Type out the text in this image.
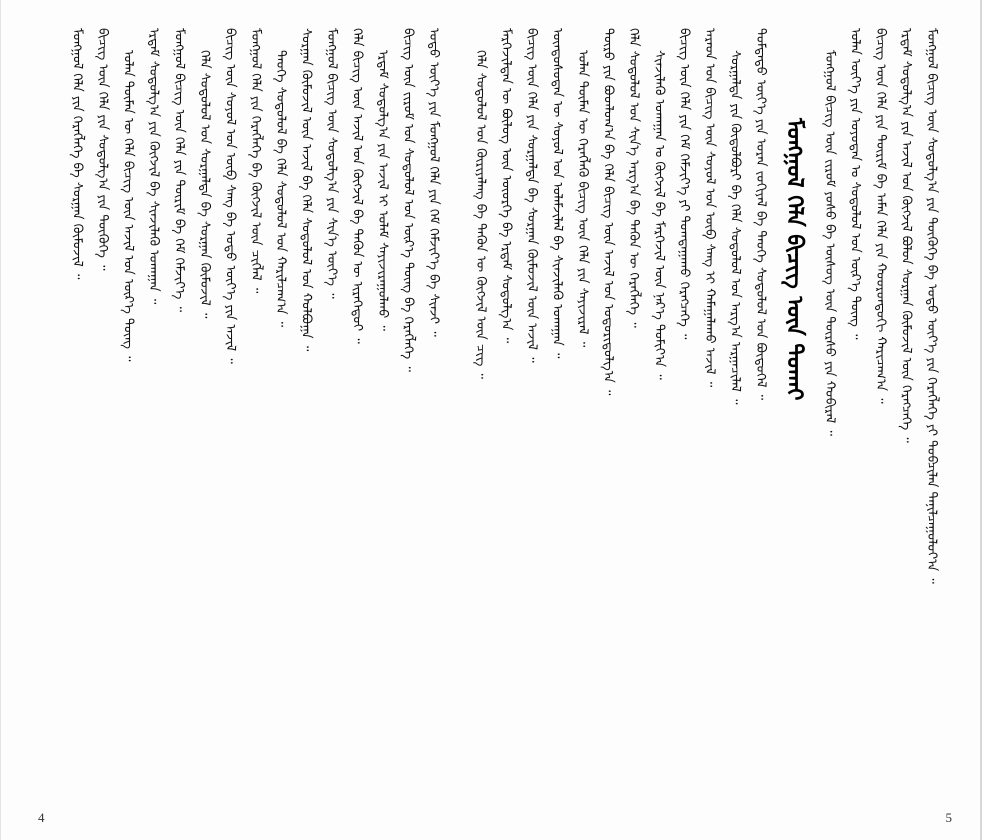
ᠮᠣᠩᠭᠣᠯ ᠪᠢᠴᠢᠭ ᠦᠨ ᠰᠤᠳᠤᠯᠭ᠎ᠠ ᠶᠢᠨ ᠲᠦᠭᠦᠬᠡ ᠪᠠ ᠣᠳᠣ ᠦᠶ᠎ᠡ ᠶᠢᠨ ᠬᠡᠷᠡᠭᠯᠡᠭᠡ ᠶᠢ ᠲᠣᠪᠴᠢᠯᠠᠨ ᠲᠠᠨᠢᠯᠴᠠᠭᠤᠯᠤᠶ᠎ᠠ ᠃
ᠡᠷᠳᠡᠮ ᠰᠤᠳᠤᠯᠭ᠎ᠠ ᠶᠢᠨ ᠠᠵᠢᠯ ᠤᠨ ᠬᠥᠭᠵᠢᠯ ᠪᠤᠯᠤᠨ ᠰᠤᠷᠭᠠᠨ ᠬᠦᠮᠦᠵᠢᠯ ᠦᠨ ᠬᠡᠷᠡᠭᠴᠡᠭᠡ ᠃
ᠪᠢᠴᠢᠭ ᠦᠨ ᠬᠡᠯᠡ ᠶᠢᠨ ᠳᠦᠷᠢᠮ ᠪᠠ ᠠᠮᠠᠨ ᠬᠡᠯᠡ ᠶᠢᠨ ᠬᠣᠤᠷᠣᠨᠳᠤᠬᠢ ᠬᠠᠷᠢᠴᠠᠭ᠎ᠠ ᠃
ᠣᠯᠠᠨ ᠦᠶ᠎ᠡ ᠶᠢᠨ ᠣᠶᠤᠳᠠᠨ ᠤ ᠰᠤᠳᠤᠯᠤᠯ ᠤᠨ ᠦᠷ᠎ᠡ ᠳᠦᠩ ᠃
ᠮᠣᠩᠭᠣᠯ ᠪᠢᠴᠢᠭ ᠦᠨ ᠵᠢᠷᠤᠮ ᠶᠣᠰᠣ ᠪᠠ ᠦᠰᠦᠭ ᠦᠨ ᠳᠦᠷᠰᠦ ᠶᠢᠨ ᠬᠤᠪᠢᠷᠠᠯ ᠃
ᠮᠣᠩᠭᠣᠯ ᠬᠡᠯᠡ ᠪᠢᠴᠢᠭ ᠦᠨ ᠲᠤᠬᠠᠢ
ᠳᠤᠮᠳᠠᠳᠤ ᠦᠶ᠎ᠡ ᠶᠢᠨ ᠤᠷᠠᠨ ᠵᠣᠬᠢᠶᠠᠯ ᠪᠠ ᠲᠡᠦᠬᠡ ᠰᠤᠳᠤᠯᠤᠯ ᠤᠨ ᠪᠦᠲᠦᠭᠡᠯ ᠃
ᠰᠤᠷᠭᠠᠯᠳᠠ ᠶᠢᠨ ᠬᠥᠲᠦᠯᠪᠦᠷᠢ ᠪᠠ ᠬᠡᠯᠡ ᠰᠤᠳᠤᠯᠤᠯ ᠤᠨ ᠠᠷᠭ᠎ᠠ ᠠᠷᠭᠠᠴᠢᠯᠠᠯ ᠃
ᠠᠷᠠᠳ ᠤᠨ ᠪᠢᠴᠢᠭ ᠦᠨ ᠰᠣᠶᠣᠯ ᠤᠨ ᠦᠪ ᠰᠠᠩ ᠢ ᠬᠠᠮᠠᠭᠠᠯᠠᠬᠤ ᠠᠵᠢᠯ ᠃
ᠪᠢᠴᠢᠭ ᠦᠨ ᠬᠡᠯᠡ ᠶᠢᠨ ᠬᠡᠮ ᠬᠡᠮᠵᠢᠶ᠎ᠡ ᠶᠢ ᠲᠣᠭᠲᠠᠭᠠᠬᠤ ᠬᠡᠷᠡᠭᠴᠡᠭᠡ ᠃
ᠰᠢᠨᠵᠢᠯᠡᠬᠦ ᠤᠬᠠᠭᠠᠨ ᠤ ᠬᠥᠭᠵᠢᠯ ᠪᠠ ᠮᠡᠷᠭᠡᠵᠢᠯ ᠦᠨ ᠨᠡᠷ᠎ᠡ ᠲᠣᠮᠢᠶ᠎ᠠ ᠃
ᠬᠡᠯᠡ ᠰᠤᠳᠤᠯᠤᠯ ᠤᠨ ᠰᠢᠨ᠎ᠡ ᠠᠷᠭ᠎ᠠ ᠪᠠ ᠲᠡᠭᠦᠨ ᠦ ᠬᠡᠷᠡᠭᠯᠡᠭᠡ ᠃
ᠲᠥᠷᠦ ᠶᠢᠨ ᠪᠣᠳᠯᠣᠭ᠎ᠠ ᠪᠠ ᠬᠡᠯᠡ ᠪᠢᠴᠢᠭ ᠦᠨ ᠠᠵᠢᠯ ᠤᠨ ᠤᠳᠤᠷᠢᠳᠤᠯᠭ᠎ᠠ ᠃
ᠣᠯᠠᠨ ᠲᠥᠮᠡᠨ ᠦ ᠬᠡᠷᠡᠭᠯᠡᠬᠦ ᠪᠢᠴᠢᠭ ᠦᠨ ᠬᠡᠯᠡ ᠶᠢᠨ ᠰᠠᠶᠢᠵᠢᠷᠠᠯ ᠃
ᠦᠨᠳᠦᠰᠦᠲᠡᠨ ᠦ ᠰᠣᠶᠣᠯ ᠤᠨ ᠤᠯᠠᠮᠵᠢᠯᠠᠯ ᠪᠠ ᠰᠢᠨᠵᠢᠯᠡᠬᠦ ᠤᠬᠠᠭᠠᠨ ᠃
ᠪᠢᠴᠢᠭ ᠦᠨ ᠬᠡᠯᠡ ᠶᠢᠨ ᠰᠤᠷᠭᠠᠯᠳᠠ ᠪᠠ ᠰᠤᠷᠭᠠᠨ ᠬᠦᠮᠦᠵᠢᠯ ᠦᠨ ᠠᠵᠢᠯ ᠃
ᠮᠡᠷᠭᠡᠵᠢᠯᠲᠡᠨ ᠦ ᠪᠦᠯᠦᠭ ᠦᠨ ᠦᠦᠷᠭᠡ ᠪᠠ ᠡᠷᠳᠡᠮ ᠰᠤᠳᠤᠯᠭ᠎ᠠ ᠃
ᠬᠡᠯᠡ ᠰᠤᠳᠤᠯᠤᠯ ᠤᠨ ᠬᠦᠷᠢᠶᠡᠯᠡᠩ ᠪᠠ ᠲᠡᠭᠦᠨ ᠦ ᠬᠥᠭᠵᠢᠯ ᠦᠨ ᠴᠢᠭ ᠃
ᠣᠳᠣ ᠦᠶ᠎ᠡ ᠶᠢᠨ ᠮᠣᠩᠭᠣᠯ ᠬᠡᠯᠡ ᠶᠢᠨ ᠬᠡᠮ ᠬᠡᠮᠵᠢᠶ᠎ᠡ ᠪᠠ ᠰᠢᠨᠵᠢ ᠃
ᠪᠢᠴᠢᠭ ᠦᠨ ᠵᠢᠷᠤᠮ ᠤᠨ ᠰᠤᠳᠤᠯᠤᠯ ᠤᠨ ᠦᠷ᠎ᠡ ᠳᠦᠩ ᠪᠠ ᠬᠡᠷᠡᠭᠯᠡᠭᠡ ᠃
ᠡᠷᠳᠡᠮ ᠰᠤᠳᠤᠯᠭ᠎ᠠ ᠶᠢᠨ ᠠᠵᠢᠯ ᠢ ᠤᠯᠠᠮ ᠰᠠᠶᠢᠵᠢᠷᠠᠭᠤᠯᠬᠤ ᠃
ᠬᠡᠯᠡ ᠪᠢᠴᠢᠭ ᠦᠨ ᠠᠵᠢᠯ ᠤᠨ ᠬᠥᠭᠵᠢᠯ ᠪᠠ ᠲᠡᠭᠦᠨ ᠦ ᠢᠷᠡᠭᠡᠳᠦᠢ ᠃
ᠮᠣᠩᠭᠣᠯ ᠪᠢᠴᠢᠭ ᠦᠨ ᠰᠤᠳᠤᠯᠭ᠎ᠠ ᠶᠢᠨ ᠰᠢᠨ᠎ᠡ ᠦᠶ᠎ᠡ ᠃
ᠰᠤᠷᠭᠠᠨ ᠬᠦᠮᠦᠵᠢᠯ ᠦᠨ ᠠᠵᠢᠯ ᠪᠠ ᠬᠡᠯᠡ ᠰᠤᠳᠤᠯᠤᠯ ᠤᠨ ᠬᠣᠯᠪᠣᠭᠠ ᠃
ᠲᠡᠦᠬᠡ ᠰᠤᠳᠤᠯᠤᠯ ᠪᠠ ᠬᠡᠯᠡ ᠰᠤᠳᠤᠯᠤᠯ ᠤᠨ ᠬᠠᠷᠢᠯᠴᠠᠭ᠎ᠠ ᠃
ᠮᠣᠩᠭᠣᠯ ᠬᠡᠯᠡ ᠶᠢᠨ ᠬᠡᠷᠡᠭᠯᠡᠭᠡ ᠪᠠ ᠬᠥᠭᠵᠢᠯ ᠦᠨ ᠴᠢᠭᠯᠡᠯ ᠃
ᠪᠢᠴᠢᠭ ᠦᠨ ᠰᠣᠶᠣᠯ ᠤᠨ ᠦᠪ ᠰᠠᠩ ᠪᠠ ᠣᠳᠣ ᠦᠶ᠎ᠡ ᠶᠢᠨ ᠠᠵᠢᠯ ᠃
ᠬᠡᠯᠡ ᠰᠤᠳᠤᠯᠤᠯ ᠤᠨ ᠰᠤᠷᠭᠠᠯᠳᠠ ᠪᠠ ᠰᠤᠷᠭᠠᠨ ᠬᠦᠮᠦᠵᠢᠯ ᠃
ᠮᠣᠩᠭᠣᠯ ᠪᠢᠴᠢᠭ ᠦᠨ ᠬᠡᠯᠡ ᠶᠢᠨ ᠳᠦᠷᠢᠮ ᠪᠠ ᠬᠡᠮ ᠬᠡᠮᠵᠢᠶ᠎ᠡ ᠃
ᠡᠷᠳᠡᠮ ᠰᠤᠳᠤᠯᠭ᠎ᠠ ᠶᠢᠨ ᠬᠥᠭᠵᠢᠯ ᠪᠠ ᠰᠢᠨᠵᠢᠯᠡᠬᠦ ᠤᠬᠠᠭᠠᠨ ᠃
ᠣᠯᠠᠨ ᠲᠥᠮᠡᠨ ᠦ ᠬᠡᠯᠡ ᠪᠢᠴᠢᠭ ᠦᠨ ᠠᠵᠢᠯ ᠤᠨ ᠦᠷ᠎ᠡ ᠳᠦᠩ ᠃
ᠪᠢᠴᠢᠭ ᠦᠨ ᠬᠡᠯᠡ ᠶᠢᠨ ᠰᠤᠳᠤᠯᠭ᠎ᠠ ᠶᠢᠨ ᠲᠦᠭᠦᠬᠡ ᠃
ᠮᠣᠩᠭᠣᠯ ᠬᠡᠯᠡ ᠶᠢᠨ ᠬᠡᠷᠡᠭᠯᠡᠭᠡ ᠪᠠ ᠰᠤᠷᠭᠠᠨ ᠬᠦᠮᠦᠵᠢᠯ ᠃
4	5
